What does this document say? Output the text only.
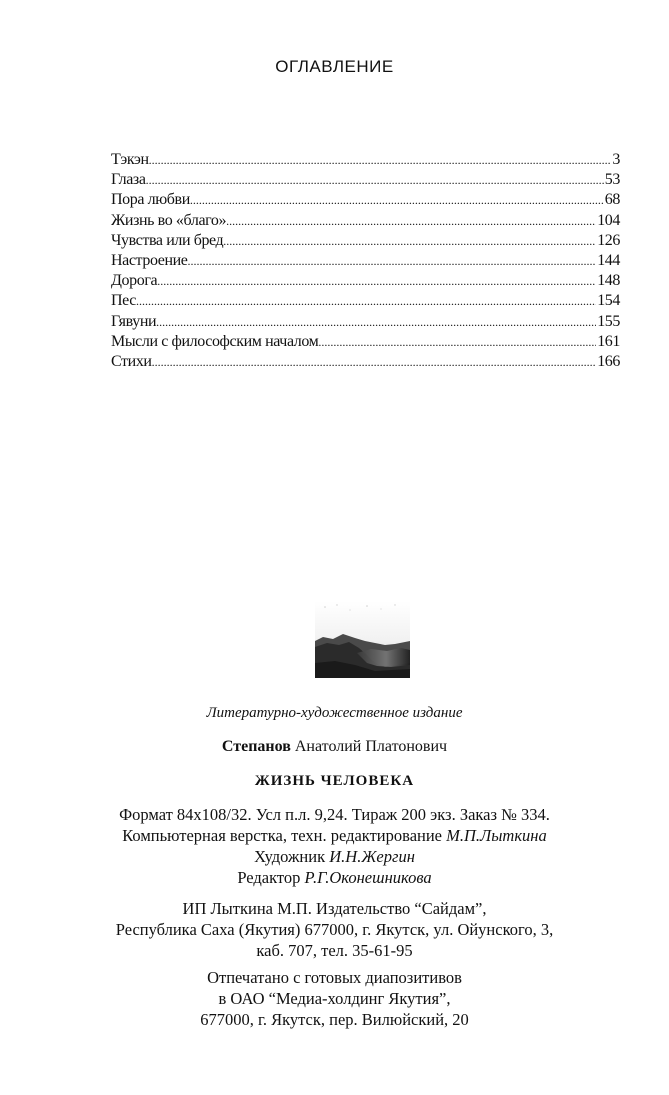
ОГЛАВЛЕНИЕ
Тэкэн .....	3
Глаза .....	53
Пора любви .....	68
Жизнь во «благо» .....	104
Чувства или бред .....	126
Настроение .....	144
Дорога .....	148
Пес .....	154
Гявуни .....	155
Мысли с философским началом .....	161
Стихи .....	166
Литературно-художественное издание
Степанов Анатолий Платонович
ЖИЗНЬ ЧЕЛОВЕКА
Формат 84x108/32. Усл п.л. 9,24. Тираж 200 экз. Заказ № 334.
Компьютерная верстка, техн. редактирование М.П.Лыткина
Художник И.Н.Жергин
Редактор Р.Г.Оконешникова
ИП Лыткина М.П. Издательство “Сайдам”,
Республика Саха (Якутия) 677000, г. Якутск, ул. Ойунского, 3,
каб. 707, тел. 35-61-95
Отпечатано с готовых диапозитивов
в ОАО “Медиа-холдинг Якутия”,
677000, г. Якутск, пер. Вилюйский, 20
